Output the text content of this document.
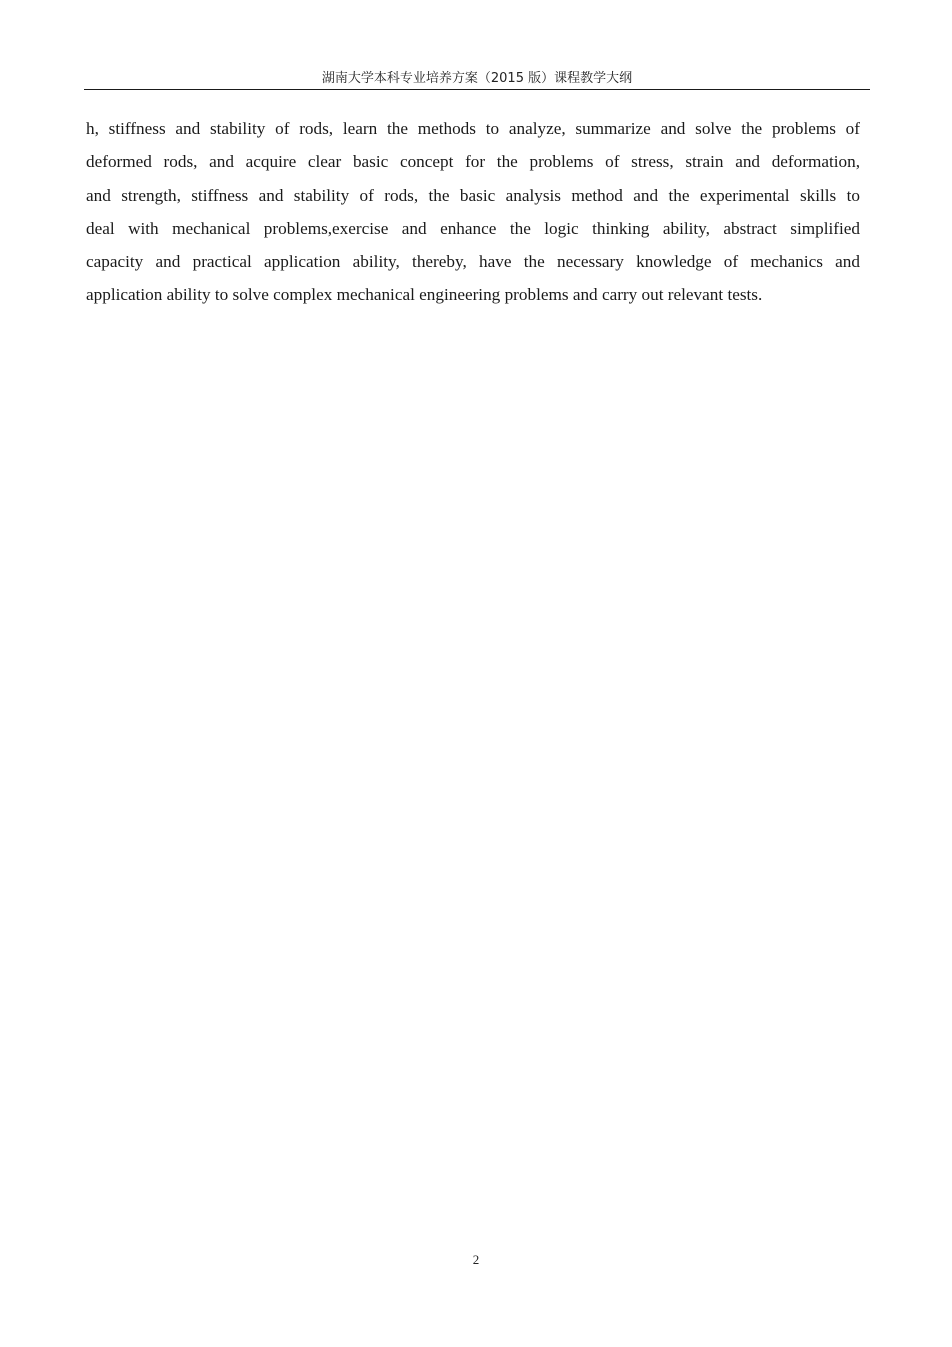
湖南大学本科专业培养方案（2015 版）课程教学大纲
h, stiffness and stability of rods, learn the methods to analyze, summarize and solve the problems of
deformed rods, and acquire clear basic concept for the problems of stress, strain and deformation,
and strength, stiffness and stability of rods, the basic analysis method and the experimental skills to
deal with mechanical problems,exercise and enhance the logic thinking ability, abstract simplified
capacity and practical application ability, thereby, have the necessary knowledge of mechanics and
application ability to solve complex mechanical engineering problems and carry out relevant tests.
2
